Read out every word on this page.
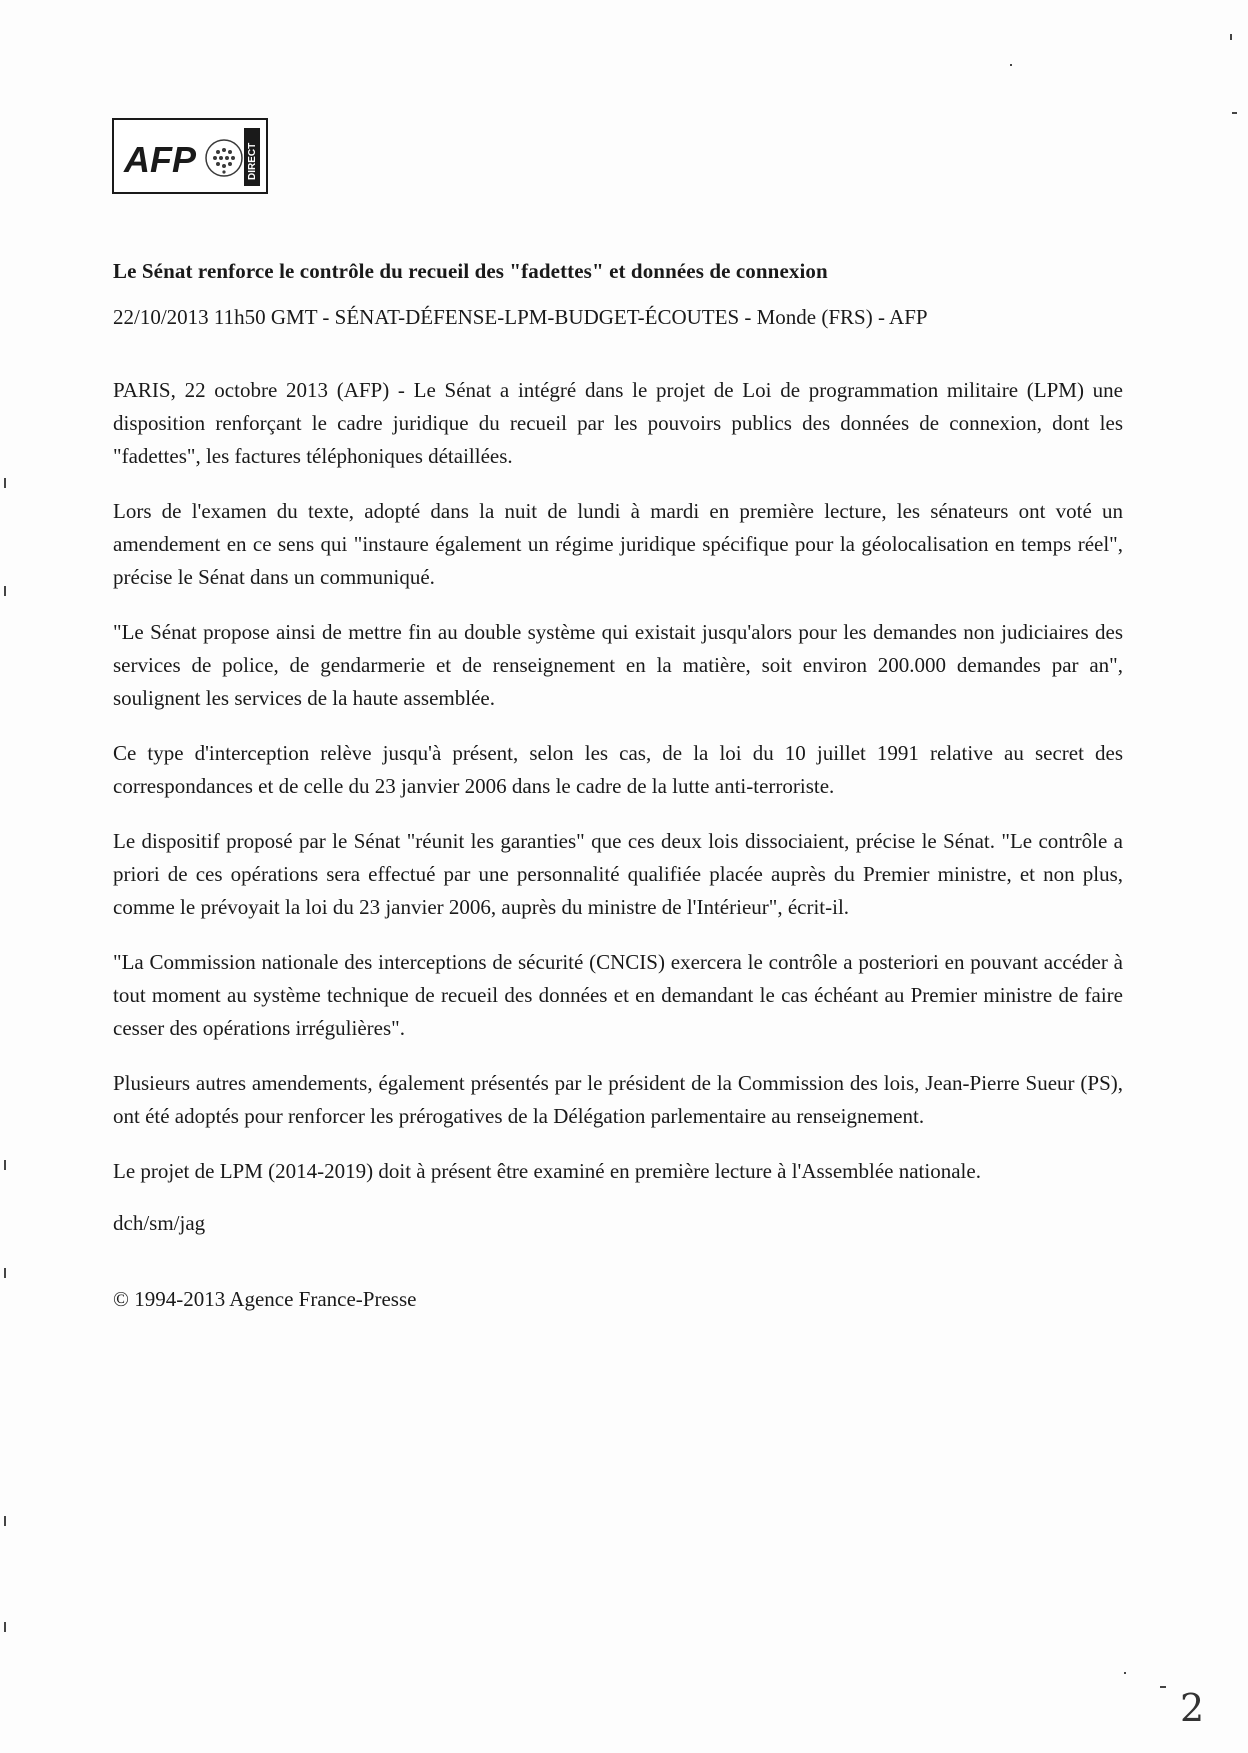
AFP	DIRECT
Le Sénat renforce le contrôle du recueil des "fadettes" et données de connexion

22/10/2013 11h50 GMT - SÉNAT-DÉFENSE-LPM-BUDGET-ÉCOUTES - Monde (FRS) - AFP

PARIS, 22 octobre 2013 (AFP) - Le Sénat a intégré dans le projet de Loi de programmation militaire (LPM) une disposition renforçant le cadre juridique du recueil par les pouvoirs publics des données de connexion, dont les "fadettes", les factures téléphoniques détaillées.

Lors de l'examen du texte, adopté dans la nuit de lundi à mardi en première lecture, les sénateurs ont voté un amendement en ce sens qui "instaure également un régime juridique spécifique pour la géolocalisation en temps réel", précise le Sénat dans un communiqué.

"Le Sénat propose ainsi de mettre fin au double système qui existait jusqu'alors pour les demandes non judiciaires des services de police, de gendarmerie et de renseignement en la matière, soit environ 200.000 demandes par an", soulignent les services de la haute assemblée.

Ce type d'interception relève jusqu'à présent, selon les cas, de la loi du 10 juillet 1991 relative au secret des correspondances et de celle du 23 janvier 2006 dans le cadre de la lutte anti-terroriste.

Le dispositif proposé par le Sénat "réunit les garanties" que ces deux lois dissociaient, précise le Sénat. "Le contrôle a priori de ces opérations sera effectué par une personnalité qualifiée placée auprès du Premier ministre, et non plus, comme le prévoyait la loi du 23 janvier 2006, auprès du ministre de l'Intérieur", écrit-il.

"La Commission nationale des interceptions de sécurité (CNCIS) exercera le contrôle a posteriori en pouvant accéder à tout moment au système technique de recueil des données et en demandant le cas échéant au Premier ministre de faire cesser des opérations irrégulières".

Plusieurs autres amendements, également présentés par le président de la Commission des lois, Jean-Pierre Sueur (PS), ont été adoptés pour renforcer les prérogatives de la Délégation parlementaire au renseignement.

Le projet de LPM (2014-2019) doit à présent être examiné en première lecture à l'Assemblée nationale.

dch/sm/jag

© 1994-2013 Agence France-Presse

2
